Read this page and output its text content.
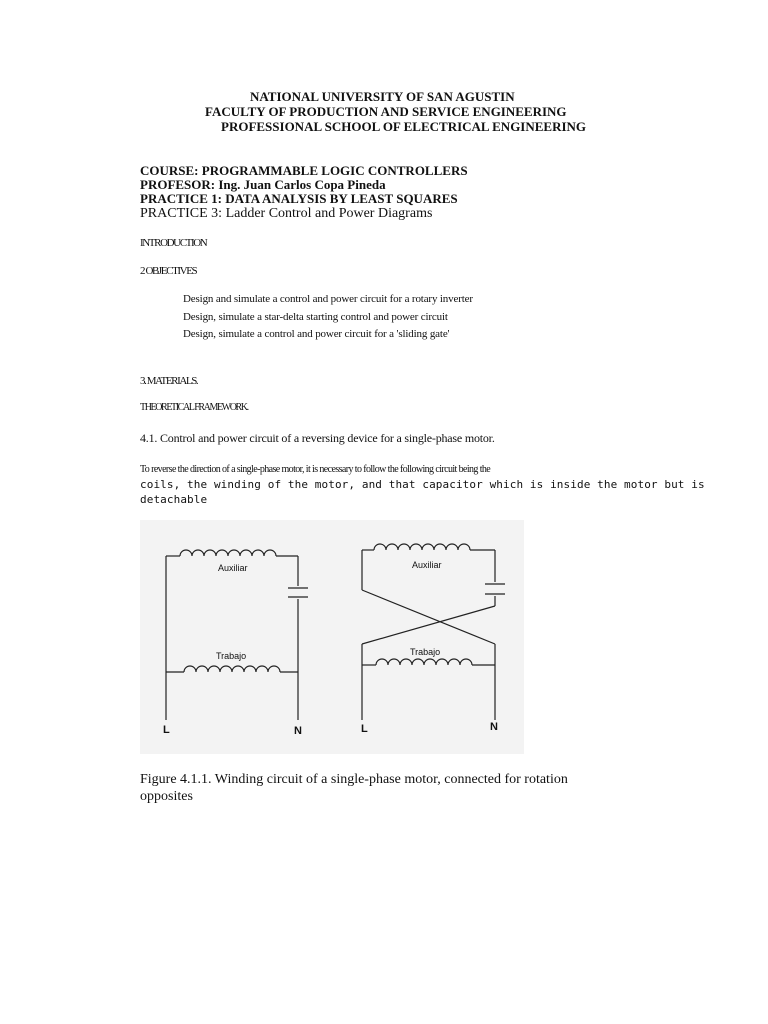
NATIONAL UNIVERSITY OF SAN AGUSTIN
FACULTY OF PRODUCTION AND SERVICE ENGINEERING
PROFESSIONAL SCHOOL OF ELECTRICAL ENGINEERING
COURSE: PROGRAMMABLE LOGIC CONTROLLERS
PROFESOR: Ing. Juan Carlos Copa Pineda
PRACTICE 1: DATA ANALYSIS BY LEAST SQUARES
PRACTICE 3: Ladder Control and Power Diagrams
INTRODUCTION
2 OBJECTIVES
Design and simulate a control and power circuit for a rotary inverter
Design, simulate a star-delta starting control and power circuit
Design, simulate a control and power circuit for a 'sliding gate'
3. MATERIALS.
THEORETICAL FRAMEWORK.
4.1. Control and power circuit of a reversing device for a single-phase motor.
To reverse the direction of a single-phase motor, it is necessary to follow the following circuit being the
coils, the winding of the motor, and that capacitor which is inside the motor but is
detachable
Auxiliar
Trabajo
L	N
Auxiliar
Trabajo
L	N
Figure 4.1.1. Winding circuit of a single-phase motor, connected for rotation
opposites
